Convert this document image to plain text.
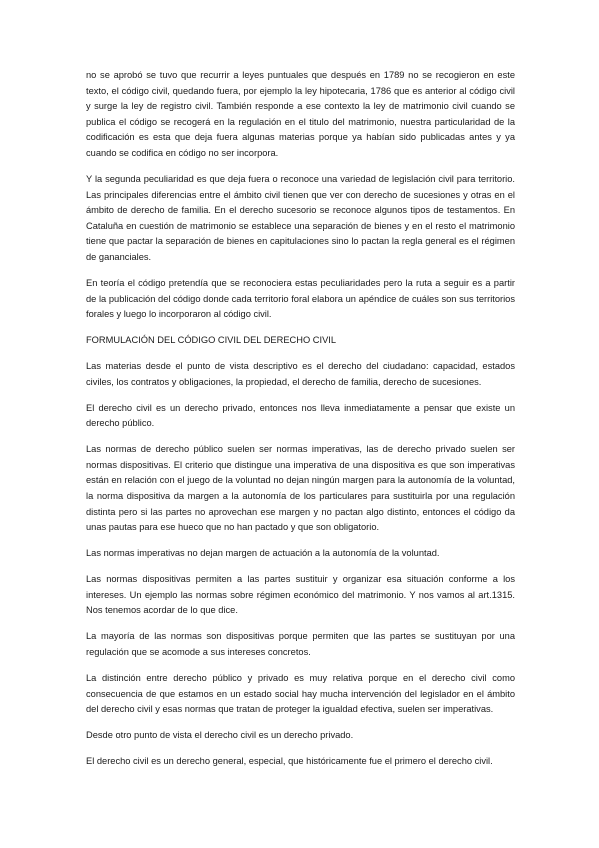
no se aprobó se tuvo que recurrir a leyes puntuales que después en 1789 no se recogieron en este texto, el código civil, quedando fuera, por ejemplo la ley hipotecaria, 1786 que es anterior al código civil y surge la ley de registro civil. También responde a ese contexto la ley de matrimonio civil cuando se publica el código se recogerá en la regulación en el titulo del matrimonio, nuestra particularidad de la codificación es esta que deja fuera algunas materias porque ya habían sido publicadas antes y ya cuando se codifica en código no ser incorpora.

Y la segunda peculiaridad es que deja fuera o reconoce una variedad de legislación civil para territorio. Las principales diferencias entre el ámbito civil tienen que ver con derecho de sucesiones y otras en el ámbito de derecho de familia. En el derecho sucesorio se reconoce algunos tipos de testamentos. En Cataluña en cuestión de matrimonio se establece una separación de bienes y en el resto el matrimonio tiene que pactar la separación de bienes en capitulaciones sino lo pactan la regla general es el régimen de gananciales.

En teoría el código pretendía que se reconociera estas peculiaridades pero la ruta a seguir es a partir de la publicación del código donde cada territorio foral elabora un apéndice de cuáles son sus territorios forales y luego lo incorporaron al código civil.

FORMULACIÓN DEL CÓDIGO CIVIL DEL DERECHO CIVIL

Las materias desde el punto de vista descriptivo es el derecho del ciudadano: capacidad, estados civiles, los contratos y obligaciones, la propiedad, el derecho de familia, derecho de sucesiones.

El derecho civil es un derecho privado, entonces nos lleva inmediatamente a pensar que existe un derecho público.

Las normas de derecho público suelen ser normas imperativas, las de derecho privado suelen ser normas dispositivas. El criterio que distingue una imperativa de una dispositiva es que son imperativas están en relación con el juego de la voluntad no dejan ningún margen para la autonomía de la voluntad, la norma dispositiva da margen a la autonomía de los particulares para sustituirla por una regulación distinta pero si las partes no aprovechan ese margen y no pactan algo distinto, entonces el código da unas pautas para ese hueco que no han pactado y que son obligatorio.

Las normas imperativas no dejan margen de actuación a la autonomía de la voluntad.

Las normas dispositivas permiten a las partes sustituir y organizar esa situación conforme a los intereses. Un ejemplo las normas sobre régimen económico del matrimonio. Y nos vamos al art.1315. Nos tenemos acordar de lo que dice.

La mayoría de las normas son dispositivas porque permiten que las partes se sustituyan por una regulación que se acomode a sus intereses concretos.

La distinción entre derecho público y privado es muy relativa porque en el derecho civil como consecuencia de que estamos en un estado social hay mucha intervención del legislador en el ámbito del derecho civil y esas normas que tratan de proteger la igualdad efectiva, suelen ser imperativas.

Desde otro punto de vista el derecho civil es un derecho privado.

El derecho civil es un derecho general, especial, que históricamente fue el primero el derecho civil.
